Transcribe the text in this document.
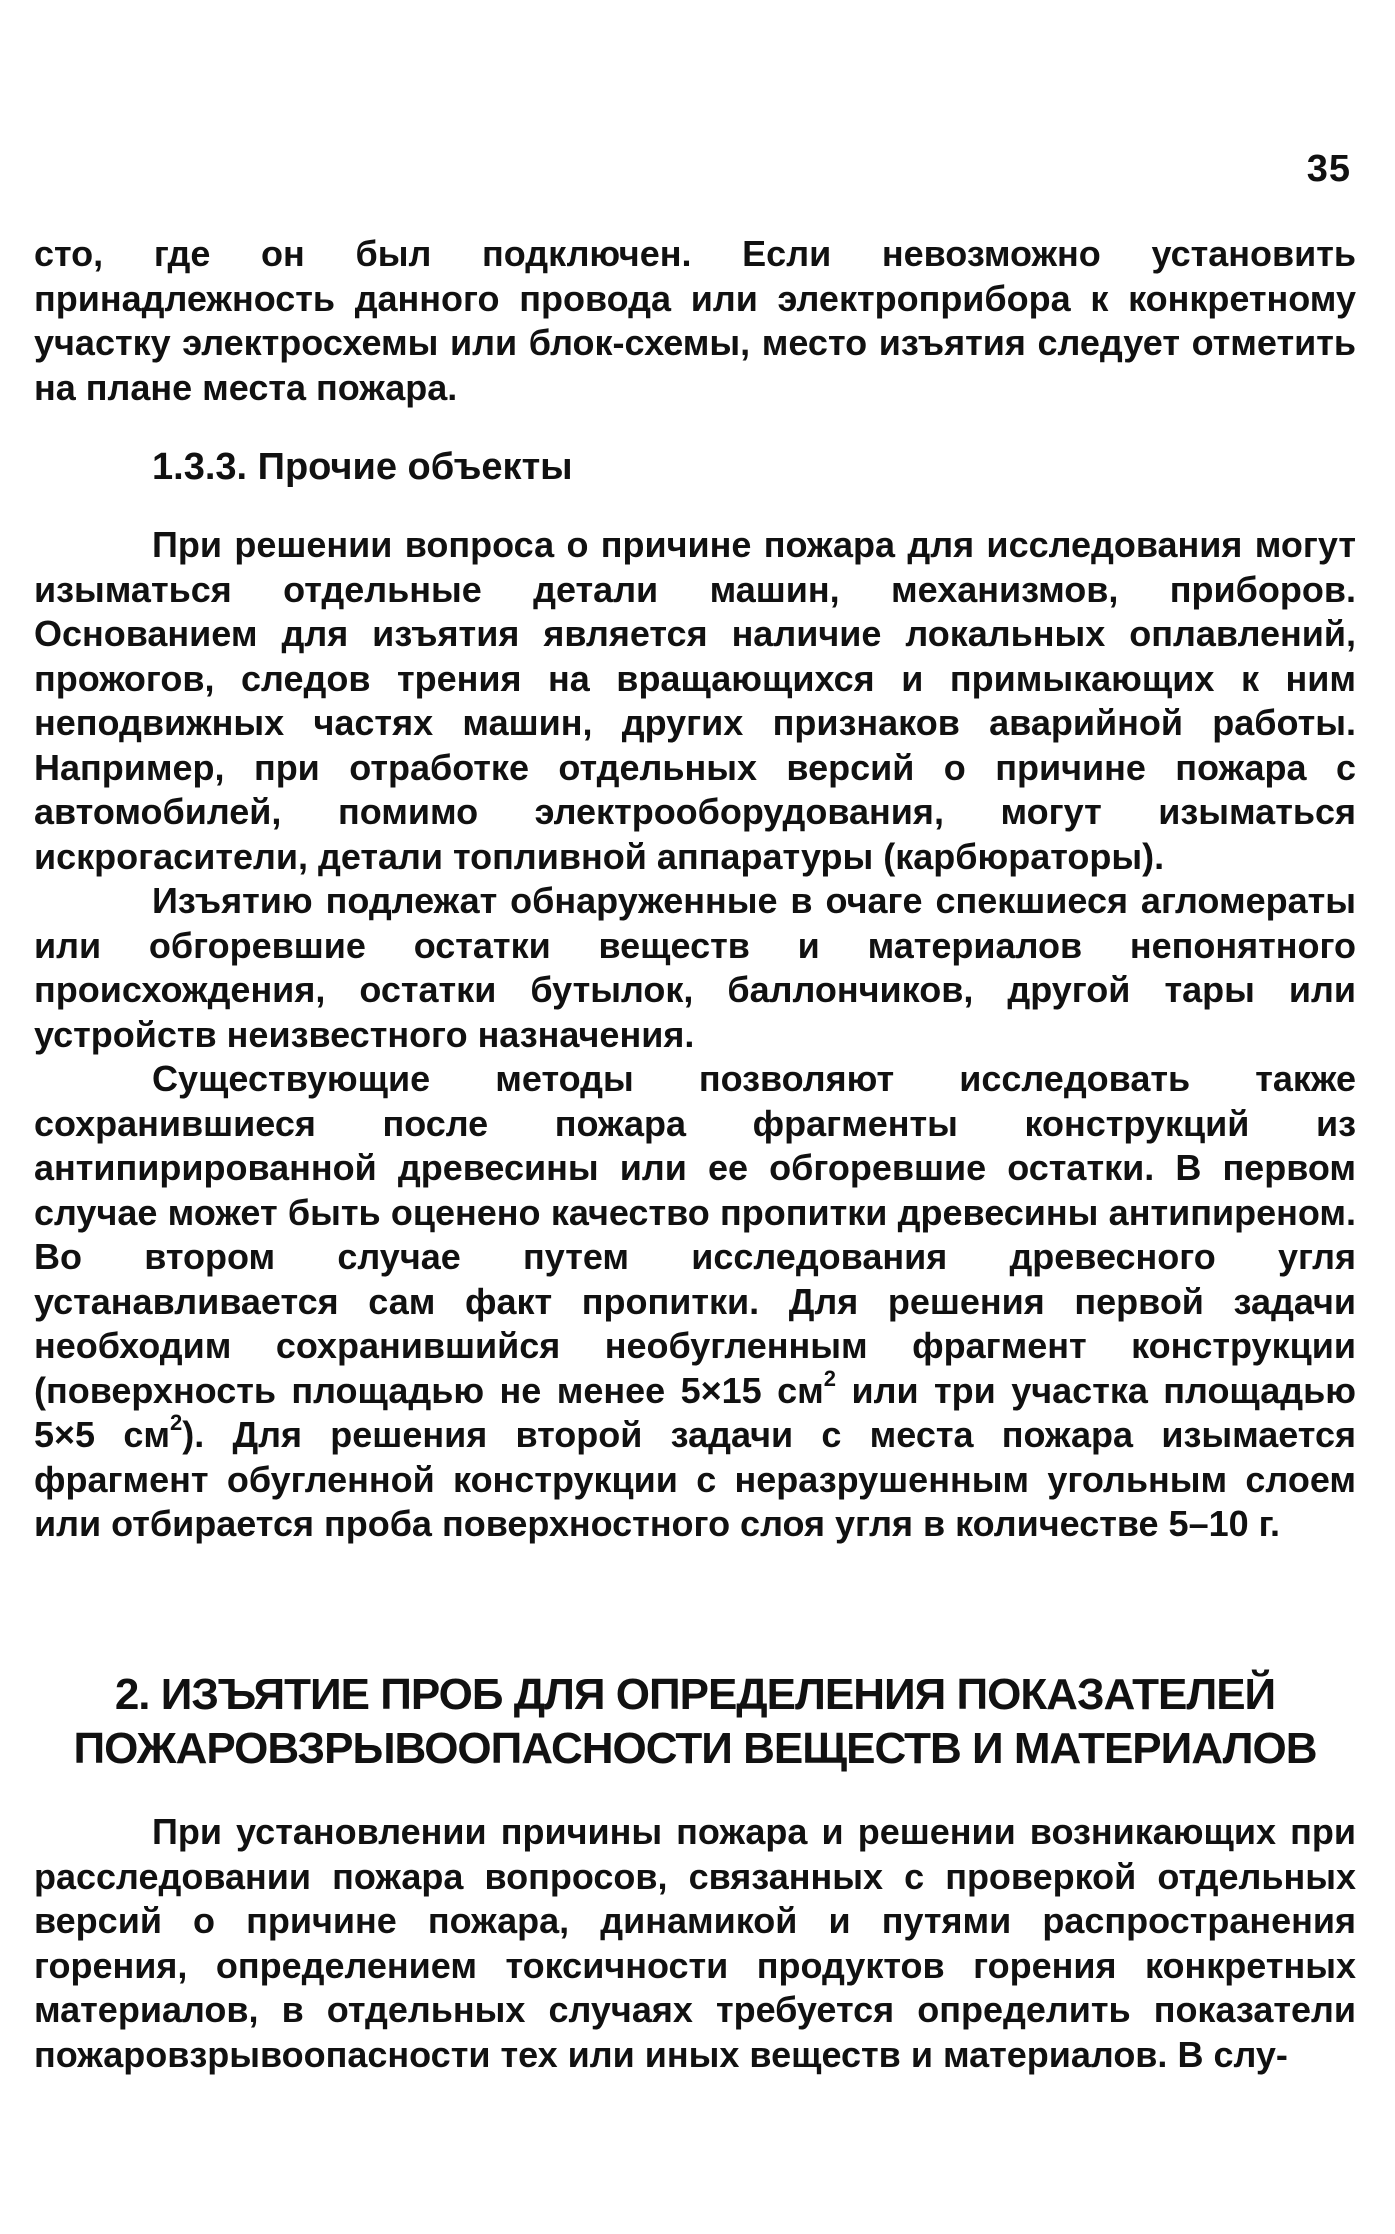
35

сто, где он был подключен. Если невозможно установить принадлежность данного провода или электроприбора к конкретному участку электросхемы или блок-схемы, место изъятия следует отметить на плане места пожара.

1.3.3. Прочие объекты

При решении вопроса о причине пожара для исследования могут изыматься отдельные детали машин, механизмов, приборов. Основанием для изъятия является наличие локальных оплавлений, прожогов, следов трения на вращающихся и примыкающих к ним неподвижных частях машин, других признаков аварийной работы. Например, при отработке отдельных версий о причине пожара с автомобилей, помимо электрооборудования, могут изыматься искрогасители, детали топливной аппаратуры (карбюраторы).

Изъятию подлежат обнаруженные в очаге спекшиеся агломераты или обгоревшие остатки веществ и материалов непонятного происхождения, остатки бутылок, баллончиков, другой тары или устройств неизвестного назначения.

Существующие методы позволяют исследовать также сохранившиеся после пожара фрагменты конструкций из антипирированной древесины или ее обгоревшие остатки. В первом случае может быть оценено качество пропитки древесины антипиреном. Во втором случае путем исследования древесного угля устанавливается сам факт пропитки. Для решения первой задачи необходим сохранившийся необугленным фрагмент конструкции (поверхность площадью не менее 5×15 $см^2$ или три участка площадью 5×5 $см^2$). Для решения второй задачи с места пожара изымается фрагмент обугленной конструкции с неразрушенным угольным слоем или отбирается проба поверхностного слоя угля в количестве 5–10 г.

2. ИЗЪЯТИЕ ПРОБ ДЛЯ ОПРЕДЕЛЕНИЯ ПОКАЗАТЕЛЕЙ
ПОЖАРОВЗРЫВООПАСНОСТИ ВЕЩЕСТВ И МАТЕРИАЛОВ

При установлении причины пожара и решении возникающих при расследовании пожара вопросов, связанных с проверкой отдельных версий о причине пожара, динамикой и путями распространения горения, определением токсичности продуктов горения конкретных материалов, в отдельных случаях требуется определить показатели пожаровзрывоопасности тех или иных веществ и материалов. В слу-
